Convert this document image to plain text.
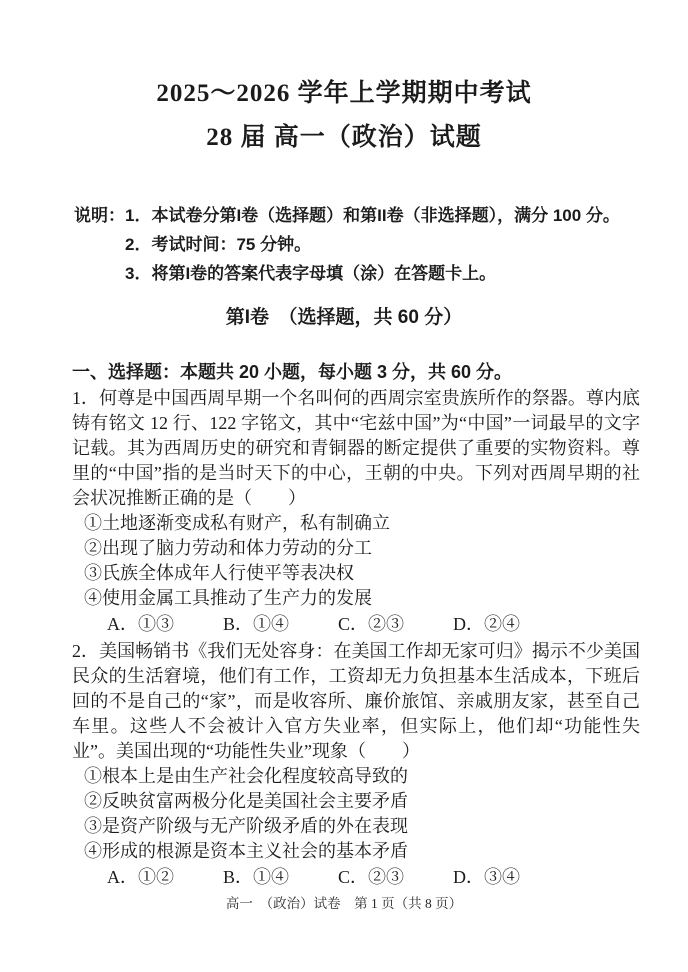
2025～2026 学年上学期期中考试
28 届 高一（政治）试题
说明： 1．本试卷分第I卷（选择题）和第II卷（非选择题），满分 100 分。
2．考试时间：75 分钟。
3．将第I卷的答案代表字母填（涂）在答题卡上。
第I卷　（选择题，共 60 分）
一、选择题：本题共 20 小题，每小题 3 分，共 60 分。

1．何尊是中国西周早期一个名叫何的西周宗室贵族所作的祭器。尊内底铸有铭文 12 行、122 字铭文，其中“宅兹中国”为“中国”一词最早的文字记载。其为西周历史的研究和青铜器的断定提供了重要的实物资料。尊里的“中国”指的是当时天下的中心，王朝的中央。下列对西周早期的社会状况推断正确的是（　　）

①土地逐渐变成私有财产，私有制确立
②出现了脑力劳动和体力劳动的分工
③氏族全体成年人行使平等表决权
④使用金属工具推动了生产力的发展
A．①③	B．①④	C．②③	D．②④

2．美国畅销书《我们无处容身：在美国工作却无家可归》揭示不少美国民众的生活窘境，他们有工作，工资却无力负担基本生活成本，下班后回的不是自己的“家”，而是收容所、廉价旅馆、亲戚朋友家，甚至自己车里。这些人不会被计入官方失业率，但实际上，他们却“功能性失业”。美国出现的“功能性失业”现象（　　）

①根本上是由生产社会化程度较高导致的
②反映贫富两极分化是美国社会主要矛盾
③是资产阶级与无产阶级矛盾的外在表现
④形成的根源是资本主义社会的基本矛盾
A．①②	B．①④	C．②③	D．③④
高一　（政治）试卷　第 1 页（共 8 页）
